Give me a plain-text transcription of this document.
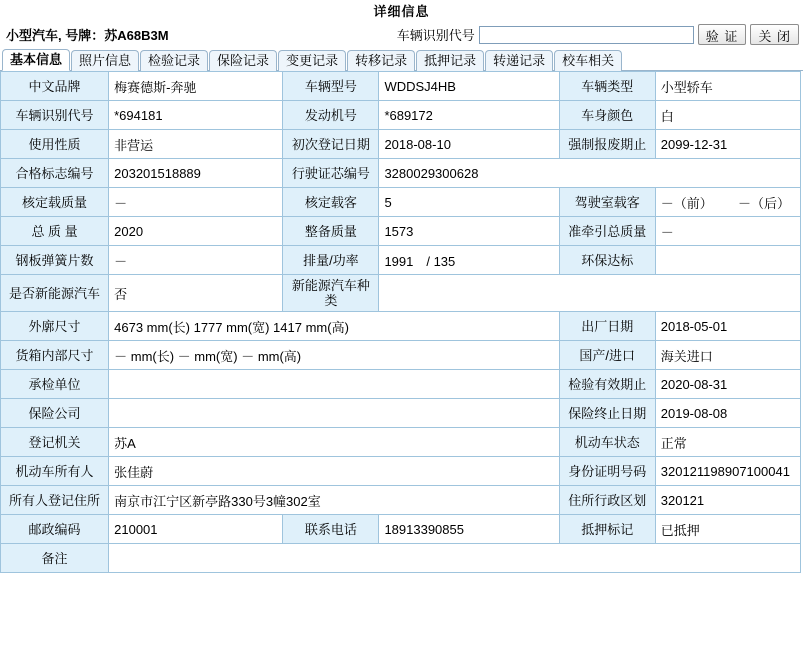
详细信息
小型汽车, 号牌：苏A68B3M	车辆识别代号	验 证	关 闭
基本信息	照片信息	检验记录	保险记录	变更记录	转移记录	抵押记录	转递记录	校车相关
中文品牌	梅赛德斯-奔驰	车辆型号	WDDSJ4HB	车辆类型	小型轿车
车辆识别代号	*694181	发动机号	*689172	车身颜色	白
使用性质	非营运	初次登记日期	2018-08-10	强制报废期止	2099-12-31
合格标志编号	203201518889	行驶证芯编号	3280029300628		
核定载质量	－	核定载客	5	驾驶室载客	－（前） －（后）
总 质 量	2020	整备质量	1573	准牵引总质量	－
钢板弹簧片数	－	排量/功率	1991　/ 135	环保达标	
是否新能源汽车	否	新能源汽车种类			
外廓尺寸	4673 mm(长) 1777 mm(宽) 1417 mm(高)			出厂日期	2018-05-01
货箱内部尺寸	－ mm(长) － mm(宽) － mm(高)			国产/进口	海关进口
承检单位				检验有效期止	2020-08-31
保险公司				保险终止日期	2019-08-08
登记机关	苏A			机动车状态	正常
机动车所有人	张佳蔚			身份证明号码	320121198907100041
所有人登记住所	南京市江宁区新亭路330号3幢302室			住所行政区划	320121
邮政编码	210001	联系电话	18913390855	抵押标记	已抵押
备注					
